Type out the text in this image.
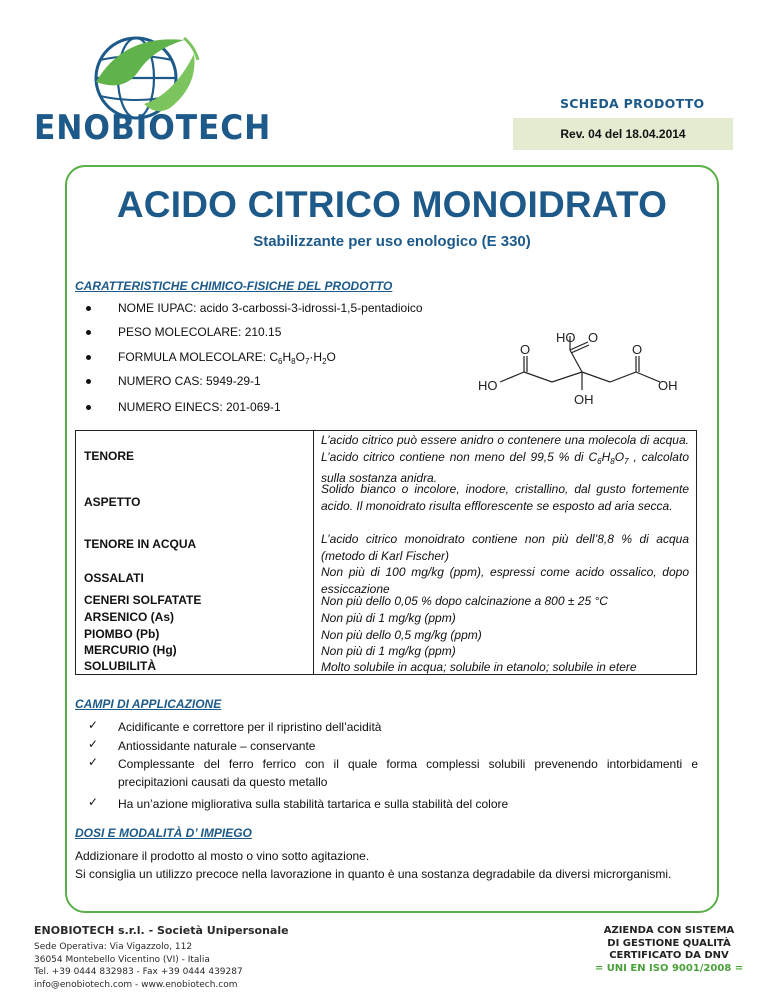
ENOBIOTECH
SCHEDA PRODOTTO
Rev. 04 del 18.04.2014
ACIDO CITRICO MONOIDRATO
Stabilizzante per uso enologico (E 330)
CARATTERISTICHE CHIMICO-FISICHE DEL PRODOTTO
NOME IUPAC: acido 3-carbossi-3-idrossi-1,5-pentadioico
PESO MOLECOLARE: 210.15
FORMULA MOLECOLARE: $C_6H_8O_7\cdot H_2O$
NUMERO CAS: 5949-29-1
NUMERO EINECS: 201-069-1
HO O
O	O
HO	OH
OH
TENORE
ASPETTO
TENORE IN ACQUA
OSSALATI
CENERI SOLFATATE
ARSENICO (As)
PIOMBO (Pb)
MERCURIO (Hg)
SOLUBILITÀ
L’acido citrico può essere anidro o contenere una molecola di acqua. L’acido citrico contiene non meno del 99,5 % di $C_6H_8O_7$ , calcolato sulla sostanza anidra.
Solido bianco o incolore, inodore, cristallino, dal gusto fortemente acido. Il monoidrato risulta efflorescente se esposto ad aria secca.
L’acido citrico monoidrato contiene non più dell’8,8 % di acqua (metodo di Karl Fischer)
Non più di 100 mg/kg (ppm), espressi come acido ossalico, dopo essiccazione
Non più dello 0,05 % dopo calcinazione a 800 ± 25 °C
Non più di 1 mg/kg (ppm)
Non più dello 0,5 mg/kg (ppm)
Non più di 1 mg/kg (ppm)
Molto solubile in acqua; solubile in etanolo; solubile in etere
CAMPI DI APPLICAZIONE
✓ Acidificante e correttore per il ripristino dell’acidità
✓ Antiossidante naturale – conservante
✓ Complessante del ferro ferrico con il quale forma complessi solubili prevenendo intorbidamenti e precipitazioni causati da questo metallo
✓ Ha un’azione migliorativa sulla stabilità tartarica e sulla stabilità del colore
DOSI E MODALITÀ D’ IMPIEGO
Addizionare il prodotto al mosto o vino sotto agitazione.
Si consiglia un utilizzo precoce nella lavorazione in quanto è una sostanza degradabile da diversi microrganismi.
ENOBIOTECH s.r.l. - Società Unipersonale
Sede Operativa: Via Vigazzolo, 112
36054 Montebello Vicentino (VI) - Italia
Tel. +39 0444 832983 - Fax +39 0444 439287
info@enobiotech.com - www.enobiotech.com
AZIENDA CON SISTEMA
DI GESTIONE QUALITÀ
CERTIFICATO DA DNV
= UNI EN ISO 9001/2008 =
